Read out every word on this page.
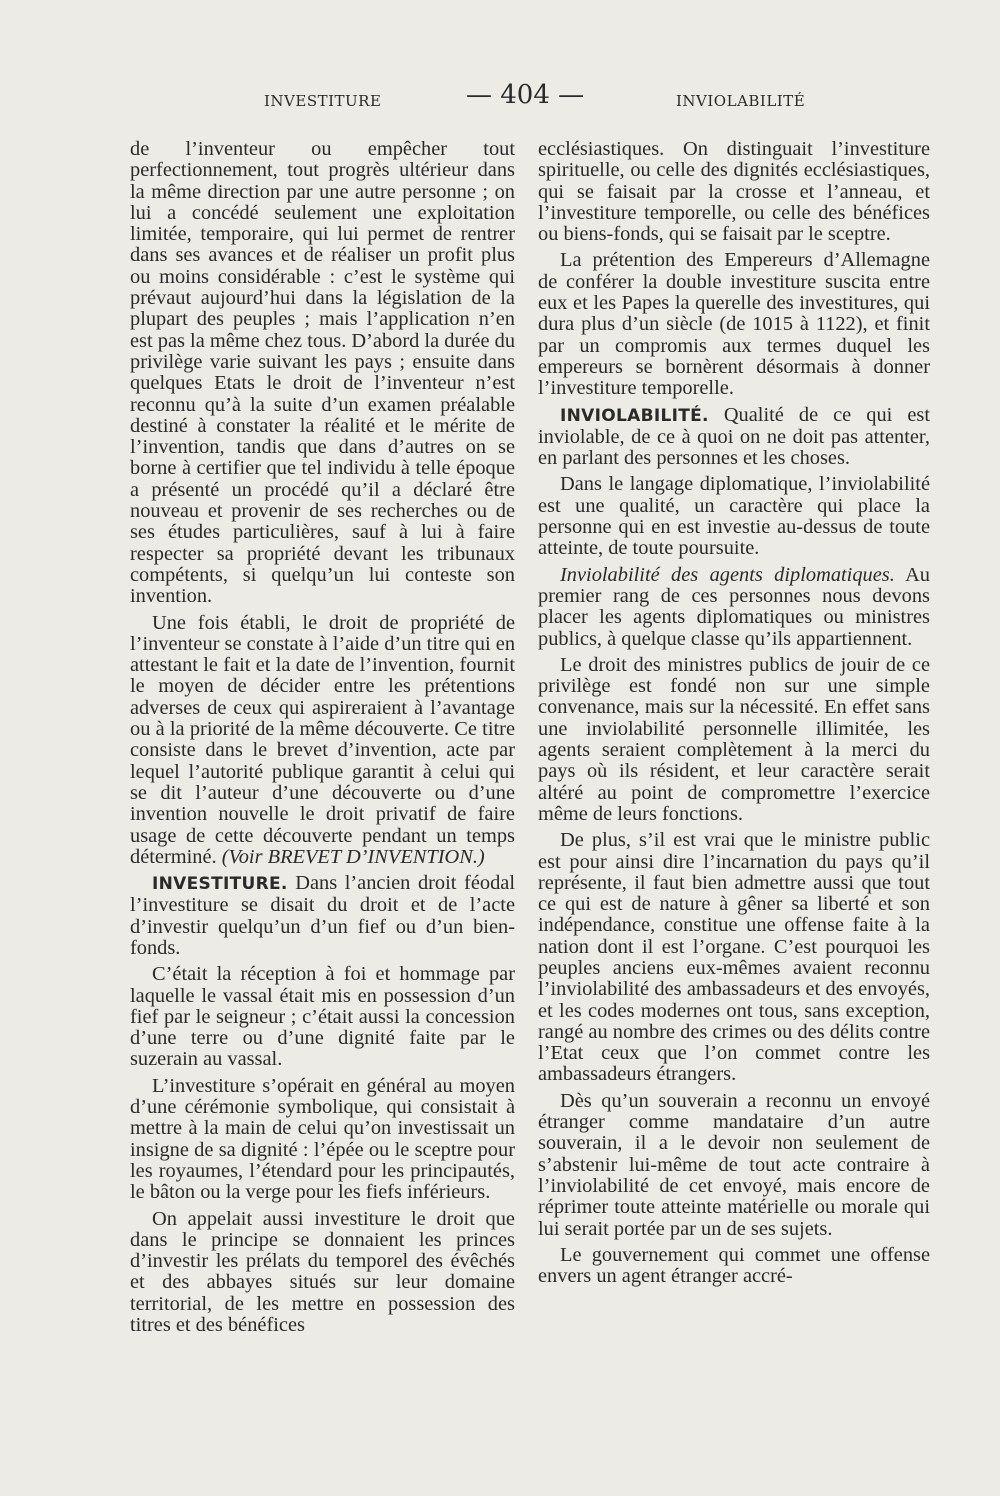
INVESTITURE	— 404 —	INVIOLABILITÉ

de l’inventeur ou empêcher tout perfectionnement, tout progrès ultérieur dans la même direction par une autre personne ; on lui a concédé seulement une exploitation limitée, temporaire, qui lui permet de rentrer dans ses avances et de réaliser un profit plus ou moins considérable : c’est le système qui prévaut aujourd’hui dans la législation de la plupart des peuples ; mais l’application n’en est pas la même chez tous. D’abord la durée du privilège varie suivant les pays ; ensuite dans quelques Etats le droit de l’inventeur n’est reconnu qu’à la suite d’un examen préalable destiné à constater la réalité et le mérite de l’invention, tandis que dans d’autres on se borne à certifier que tel individu à telle époque a présenté un procédé qu’il a déclaré être nouveau et provenir de ses recherches ou de ses études particulières, sauf à lui à faire respecter sa propriété devant les tribunaux compétents, si quelqu’un lui conteste son invention.

Une fois établi, le droit de propriété de l’inventeur se constate à l’aide d’un titre qui en attestant le fait et la date de l’invention, fournit le moyen de décider entre les prétentions adverses de ceux qui aspireraient à l’avantage ou à la priorité de la même découverte. Ce titre consiste dans le brevet d’invention, acte par lequel l’autorité publique garantit à celui qui se dit l’auteur d’une découverte ou d’une invention nouvelle le droit privatif de faire usage de cette découverte pendant un temps déterminé. (Voir BREVET D’INVENTION.)

INVESTITURE. Dans l’ancien droit féodal l’investiture se disait du droit et de l’acte d’investir quelqu’un d’un fief ou d’un bien-fonds.

C’était la réception à foi et hommage par laquelle le vassal était mis en possession d’un fief par le seigneur ; c’était aussi la concession d’une terre ou d’une dignité faite par le suzerain au vassal.

L’investiture s’opérait en général au moyen d’une cérémonie symbolique, qui consistait à mettre à la main de celui qu’on investissait un insigne de sa dignité : l’épée ou le sceptre pour les royaumes, l’étendard pour les principautés, le bâton ou la verge pour les fiefs inférieurs.

On appelait aussi investiture le droit que dans le principe se donnaient les princes d’investir les prélats du temporel des évêchés et des abbayes situés sur leur domaine territorial, de les mettre en possession des titres et des bénéfices

ecclésiastiques. On distinguait l’investiture spirituelle, ou celle des dignités ecclésiastiques, qui se faisait par la crosse et l’anneau, et l’investiture temporelle, ou celle des bénéfices ou biens-fonds, qui se faisait par le sceptre.

La prétention des Empereurs d’Allemagne de conférer la double investiture suscita entre eux et les Papes la querelle des investitures, qui dura plus d’un siècle (de 1015 à 1122), et finit par un compromis aux termes duquel les empereurs se bornèrent désormais à donner l’investiture temporelle.

INVIOLABILITÉ. Qualité de ce qui est inviolable, de ce à quoi on ne doit pas attenter, en parlant des personnes et les choses.

Dans le langage diplomatique, l’inviolabilité est une qualité, un caractère qui place la personne qui en est investie au-dessus de toute atteinte, de toute poursuite.

Inviolabilité des agents diplomatiques. Au premier rang de ces personnes nous devons placer les agents diplomatiques ou ministres publics, à quelque classe qu’ils appartiennent.

Le droit des ministres publics de jouir de ce privilège est fondé non sur une simple convenance, mais sur la nécessité. En effet sans une inviolabilité personnelle illimitée, les agents seraient complètement à la merci du pays où ils résident, et leur caractère serait altéré au point de compromettre l’exercice même de leurs fonctions.

De plus, s’il est vrai que le ministre public est pour ainsi dire l’incarnation du pays qu’il représente, il faut bien admettre aussi que tout ce qui est de nature à gêner sa liberté et son indépendance, constitue une offense faite à la nation dont il est l’organe. C’est pourquoi les peuples anciens eux-mêmes avaient reconnu l’inviolabilité des ambassadeurs et des envoyés, et les codes modernes ont tous, sans exception, rangé au nombre des crimes ou des délits contre l’Etat ceux que l’on commet contre les ambassadeurs étrangers.

Dès qu’un souverain a reconnu un envoyé étranger comme mandataire d’un autre souverain, il a le devoir non seulement de s’abstenir lui-même de tout acte contraire à l’inviolabilité de cet envoyé, mais encore de réprimer toute atteinte matérielle ou morale qui lui serait portée par un de ses sujets.

Le gouvernement qui commet une offense envers un agent étranger accré-
